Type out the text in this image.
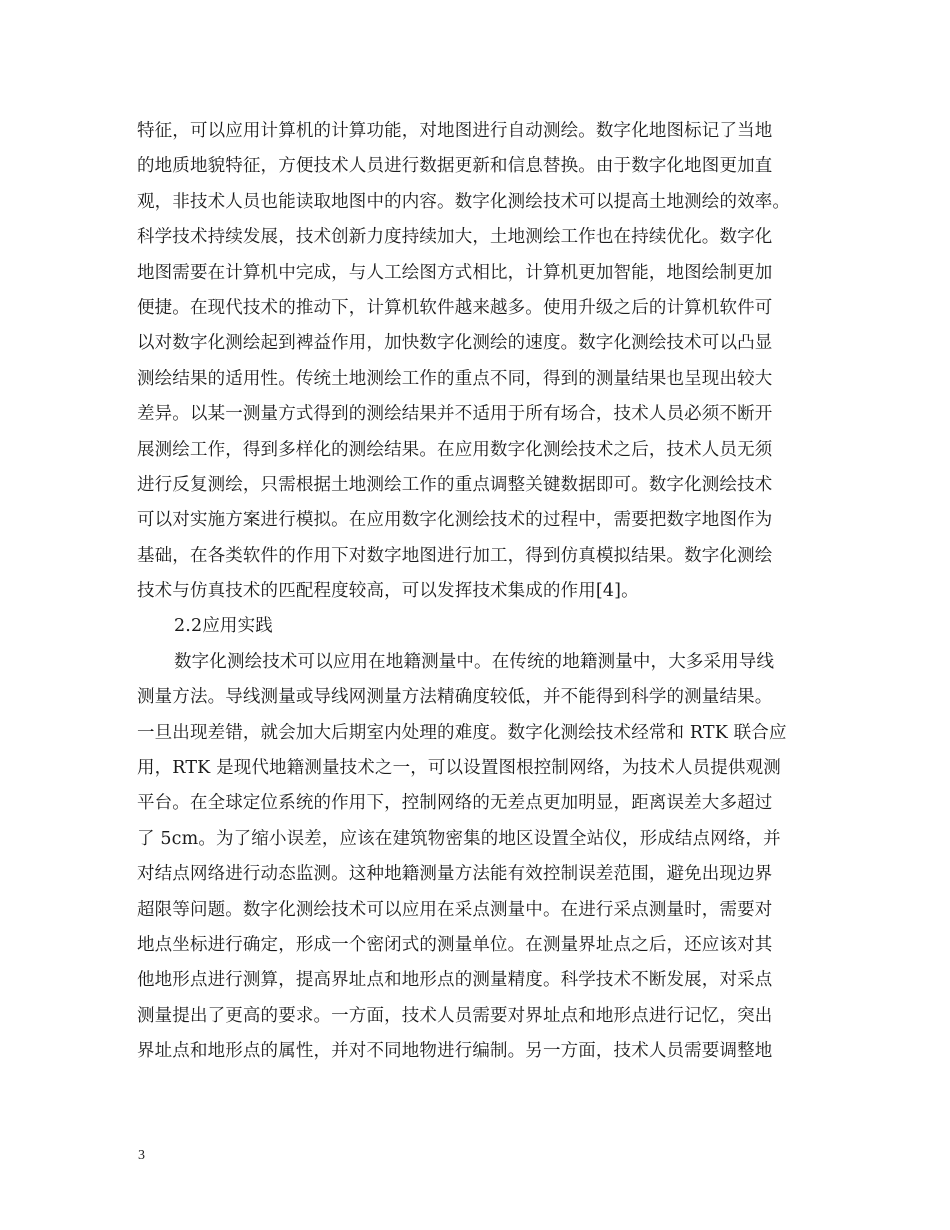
特征，可以应用计算机的计算功能，对地图进行自动测绘。数字化地图标记了当地
的地质地貌特征，方便技术人员进行数据更新和信息替换。由于数字化地图更加直
观，非技术人员也能读取地图中的内容。数字化测绘技术可以提高土地测绘的效率。
科学技术持续发展，技术创新力度持续加大，土地测绘工作也在持续优化。数字化
地图需要在计算机中完成，与人工绘图方式相比，计算机更加智能，地图绘制更加
便捷。在现代技术的推动下，计算机软件越来越多。使用升级之后的计算机软件可
以对数字化测绘起到裨益作用，加快数字化测绘的速度。数字化测绘技术可以凸显
测绘结果的适用性。传统土地测绘工作的重点不同，得到的测量结果也呈现出较大
差异。以某一测量方式得到的测绘结果并不适用于所有场合，技术人员必须不断开
展测绘工作，得到多样化的测绘结果。在应用数字化测绘技术之后，技术人员无须
进行反复测绘，只需根据土地测绘工作的重点调整关键数据即可。数字化测绘技术
可以对实施方案进行模拟。在应用数字化测绘技术的过程中，需要把数字地图作为
基础，在各类软件的作用下对数字地图进行加工，得到仿真模拟结果。数字化测绘
技术与仿真技术的匹配程度较高，可以发挥技术集成的作用[4]。
2.2应用实践
数字化测绘技术可以应用在地籍测量中。在传统的地籍测量中，大多采用导线
测量方法。导线测量或导线网测量方法精确度较低，并不能得到科学的测量结果。
一旦出现差错，就会加大后期室内处理的难度。数字化测绘技术经常和 RTK 联合应
用，RTK 是现代地籍测量技术之一，可以设置图根控制网络，为技术人员提供观测
平台。在全球定位系统的作用下，控制网络的无差点更加明显，距离误差大多超过
了 5cm。为了缩小误差，应该在建筑物密集的地区设置全站仪，形成结点网络，并
对结点网络进行动态监测。这种地籍测量方法能有效控制误差范围，避免出现边界
超限等问题。数字化测绘技术可以应用在采点测量中。在进行采点测量时，需要对
地点坐标进行确定，形成一个密闭式的测量单位。在测量界址点之后，还应该对其
他地形点进行测算，提高界址点和地形点的测量精度。科学技术不断发展，对采点
测量提出了更高的要求。一方面，技术人员需要对界址点和地形点进行记忆，突出
界址点和地形点的属性，并对不同地物进行编制。另一方面，技术人员需要调整地
3
